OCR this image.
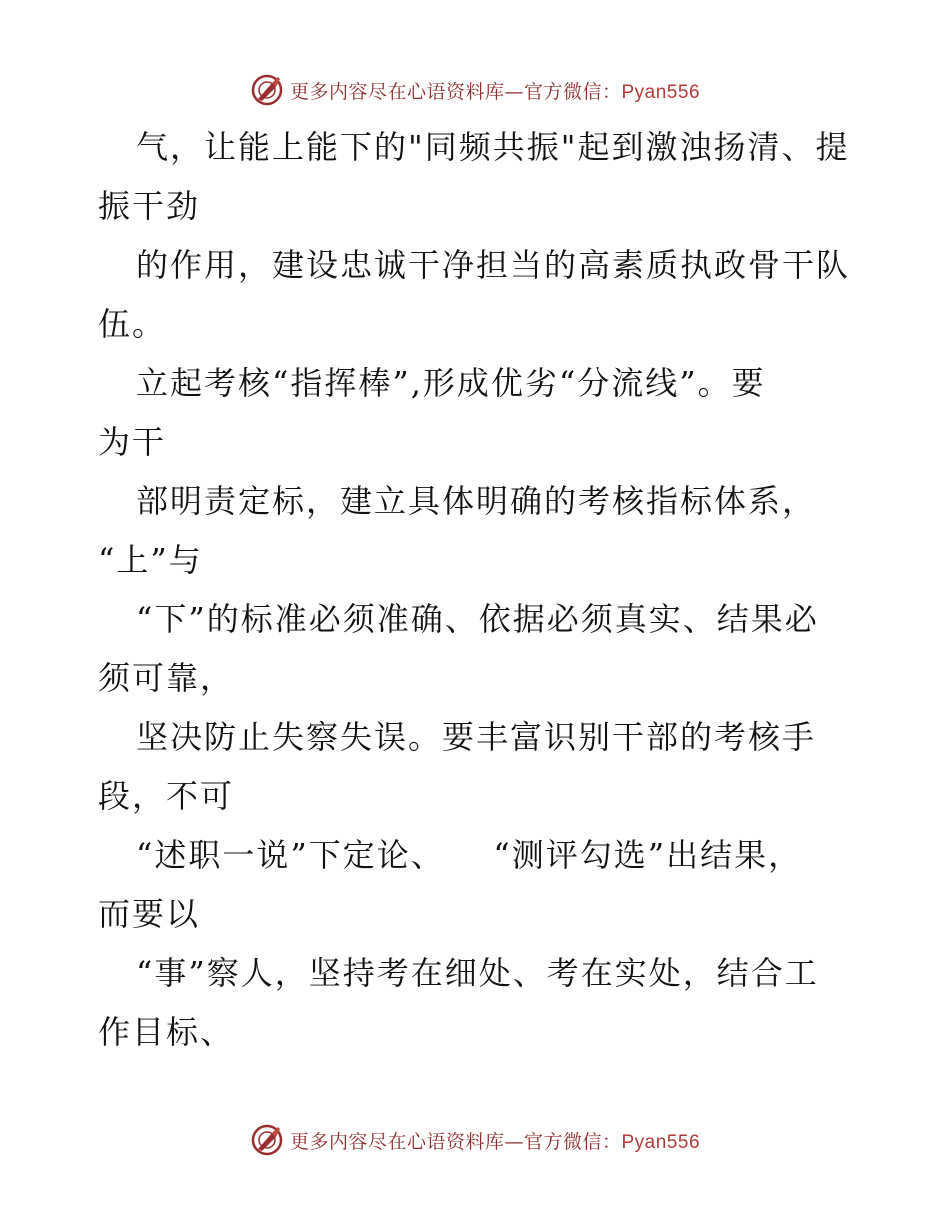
更多内容尽在心语资料库—官方微信：Pyan556
气，让能上能下的"同频共振"起到激浊扬清、提
振干劲
的作用，建设忠诚干净担当的高素质执政骨干队
伍。
立起考核“指挥棒”,形成优劣“分流线”。要
为干
部明责定标，建立具体明确的考核指标体系，
“上”与
“下”的标准必须准确、依据必须真实、结果必
须可靠，
坚决防止失察失误。要丰富识别干部的考核手
段，不可
“述职一说”下定论、    “测评勾选”出结果，
而要以
“事”察人，坚持考在细处、考在实处，结合工
作目标、
更多内容尽在心语资料库—官方微信：Pyan556
